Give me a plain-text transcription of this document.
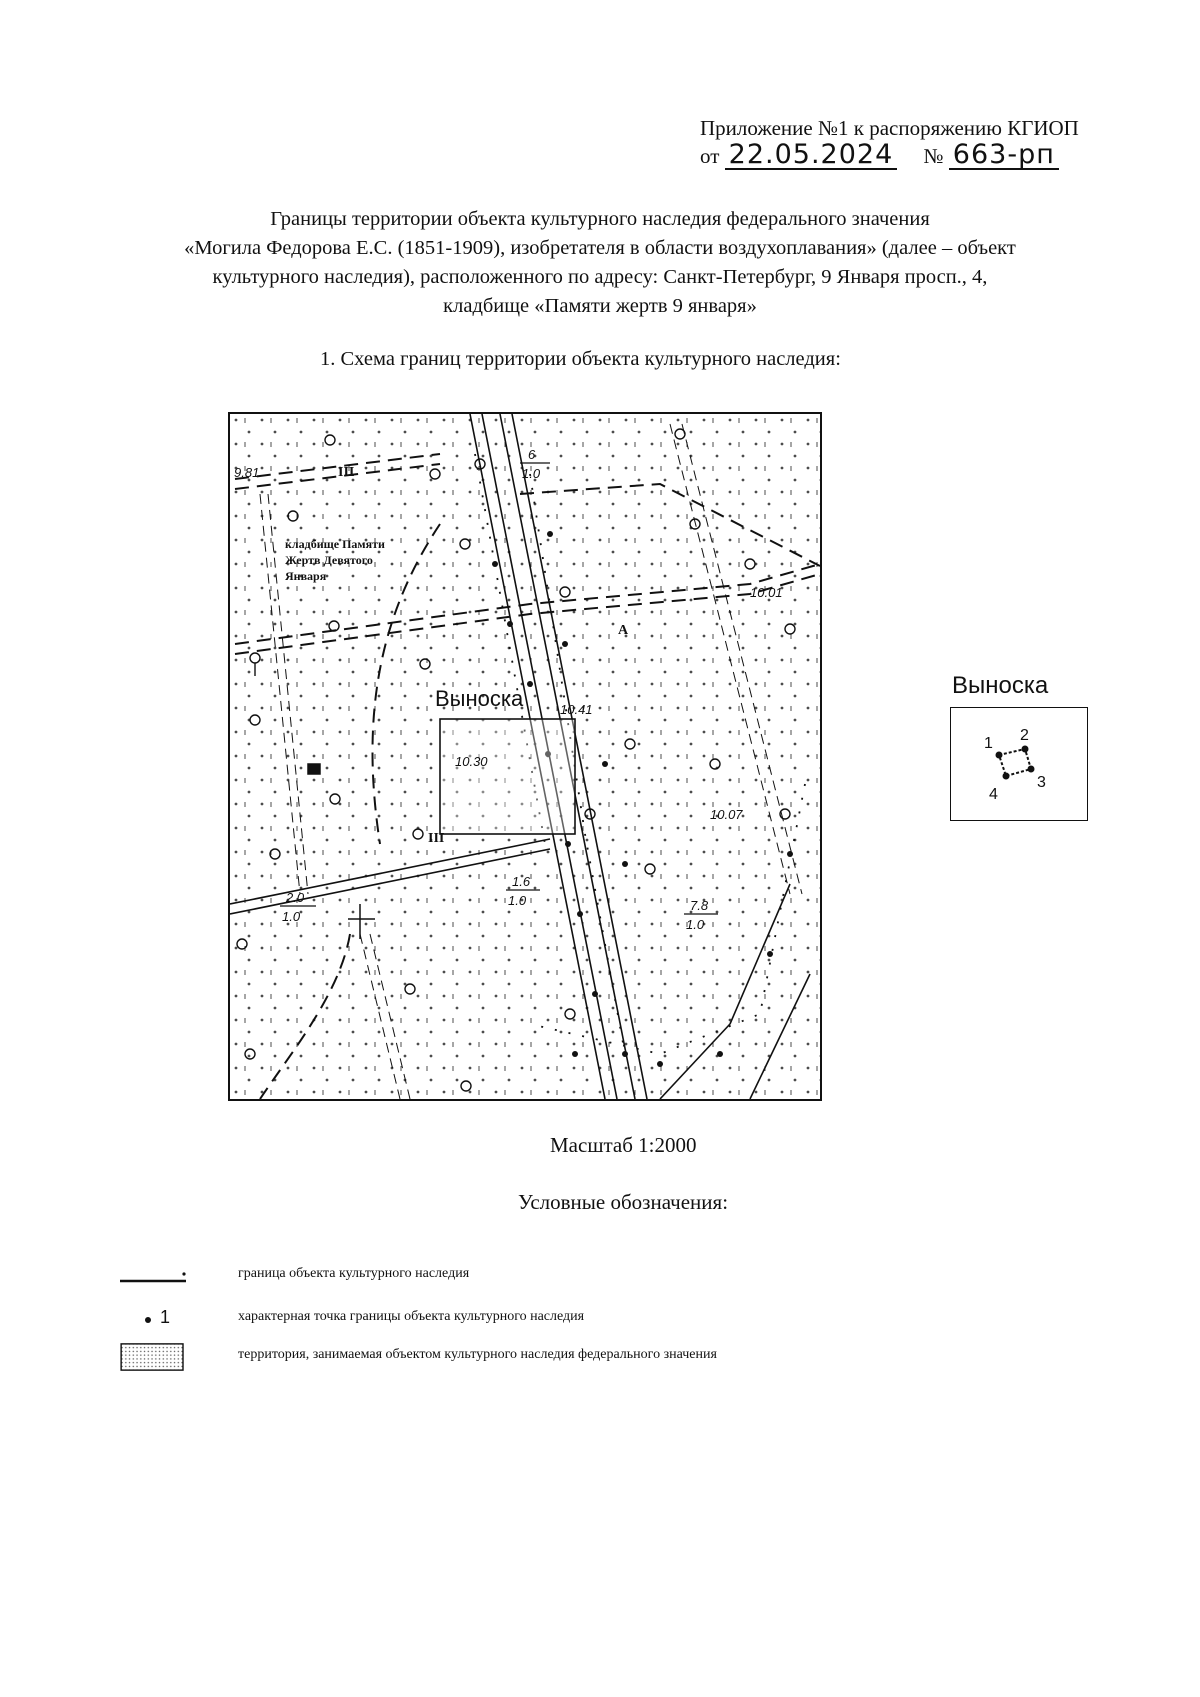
Приложение №1 к распоряжению КГИОП
от 22.05.2024 № 663-рп
Границы территории объекта культурного наследия федерального значения
«Могила Федорова Е.С. (1851-1909), изобретателя в области воздухоплавания» (далее – объект
культурного наследия), расположенного по адресу: Санкт-Петербург, 9 Января просп., 4,
кладбище «Памяти жертв 9 января»
1. Схема границ территории объекта культурного наследия:
кладбище Памяти
Жертв Девятого
Января
Выноска
9.81
10.01
10.41
10.30
10.07
6
1.0
1.6
1.0
2.0
1.0
7.8
1.0
III
A
III
Выноска
1 2
3
4
Масштаб 1:2000
Условные обозначения:
граница объекта культурного наследия
1	характерная точка границы объекта культурного наследия
территория, занимаемая объектом культурного наследия федерального значения
